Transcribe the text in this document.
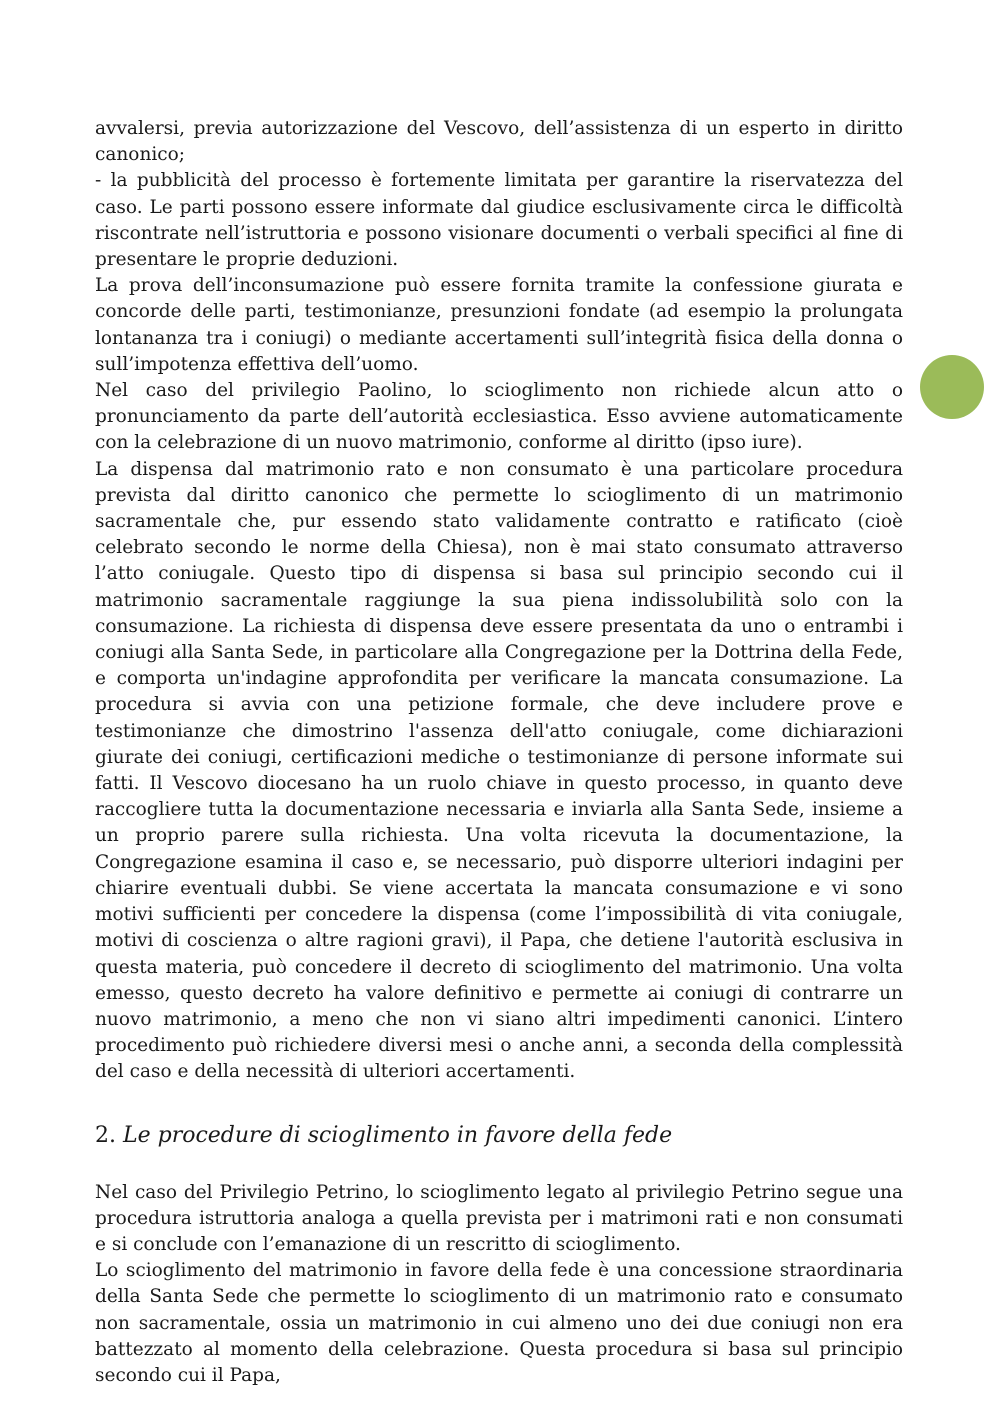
avvalersi, previa autorizzazione del Vescovo, dell’assistenza di un esperto in diritto canonico;

- la pubblicità del processo è fortemente limitata per garantire la riservatezza del caso. Le parti possono essere informate dal giudice esclusivamente circa le difficoltà riscontrate nell’istruttoria e possono visionare documenti o verbali specifici al fine di presentare le proprie deduzioni.

La prova dell’inconsumazione può essere fornita tramite la confessione giurata e concorde delle parti, testimonianze, presunzioni fondate (ad esempio la prolungata lontananza tra i coniugi) o mediante accertamenti sull’integrità fisica della donna o sull’impotenza effettiva dell’uomo.

Nel caso del privilegio Paolino, lo scioglimento non richiede alcun atto o pronunciamento da parte dell’autorità ecclesiastica. Esso avviene automaticamente con la celebrazione di un nuovo matrimonio, conforme al diritto (ipso iure).

La dispensa dal matrimonio rato e non consumato è una particolare procedura prevista dal diritto canonico che permette lo scioglimento di un matrimonio sacramentale che, pur essendo stato validamente contratto e ratificato (cioè celebrato secondo le norme della Chiesa), non è mai stato consumato attraverso l’atto coniugale. Questo tipo di dispensa si basa sul principio secondo cui il matrimonio sacramentale raggiunge la sua piena indissolubilità solo con la consumazione. La richiesta di dispensa deve essere presentata da uno o entrambi i coniugi alla Santa Sede, in particolare alla Congregazione per la Dottrina della Fede, e comporta un'indagine approfondita per verificare la mancata consumazione. La procedura si avvia con una petizione formale, che deve includere prove e testimonianze che dimostrino l'assenza dell'atto coniugale, come dichiarazioni giurate dei coniugi, certificazioni mediche o testimonianze di persone informate sui fatti. Il Vescovo diocesano ha un ruolo chiave in questo processo, in quanto deve raccogliere tutta la documentazione necessaria e inviarla alla Santa Sede, insieme a un proprio parere sulla richiesta. Una volta ricevuta la documentazione, la Congregazione esamina il caso e, se necessario, può disporre ulteriori indagini per chiarire eventuali dubbi. Se viene accertata la mancata consumazione e vi sono motivi sufficienti per concedere la dispensa (come l’impossibilità di vita coniugale, motivi di coscienza o altre ragioni gravi), il Papa, che detiene l'autorità esclusiva in questa materia, può concedere il decreto di scioglimento del matrimonio. Una volta emesso, questo decreto ha valore definitivo e permette ai coniugi di contrarre un nuovo matrimonio, a meno che non vi siano altri impedimenti canonici. L’intero procedimento può richiedere diversi mesi o anche anni, a seconda della complessità del caso e della necessità di ulteriori accertamenti.

2. Le procedure di scioglimento in favore della fede

Nel caso del Privilegio Petrino, lo scioglimento legato al privilegio Petrino segue una procedura istruttoria analoga a quella prevista per i matrimoni rati e non consumati e si conclude con l’emanazione di un rescritto di scioglimento.

Lo scioglimento del matrimonio in favore della fede è una concessione straordinaria della Santa Sede che permette lo scioglimento di un matrimonio rato e consumato non sacramentale, ossia un matrimonio in cui almeno uno dei due coniugi non era battezzato al momento della celebrazione. Questa procedura si basa sul principio secondo cui il Papa,
